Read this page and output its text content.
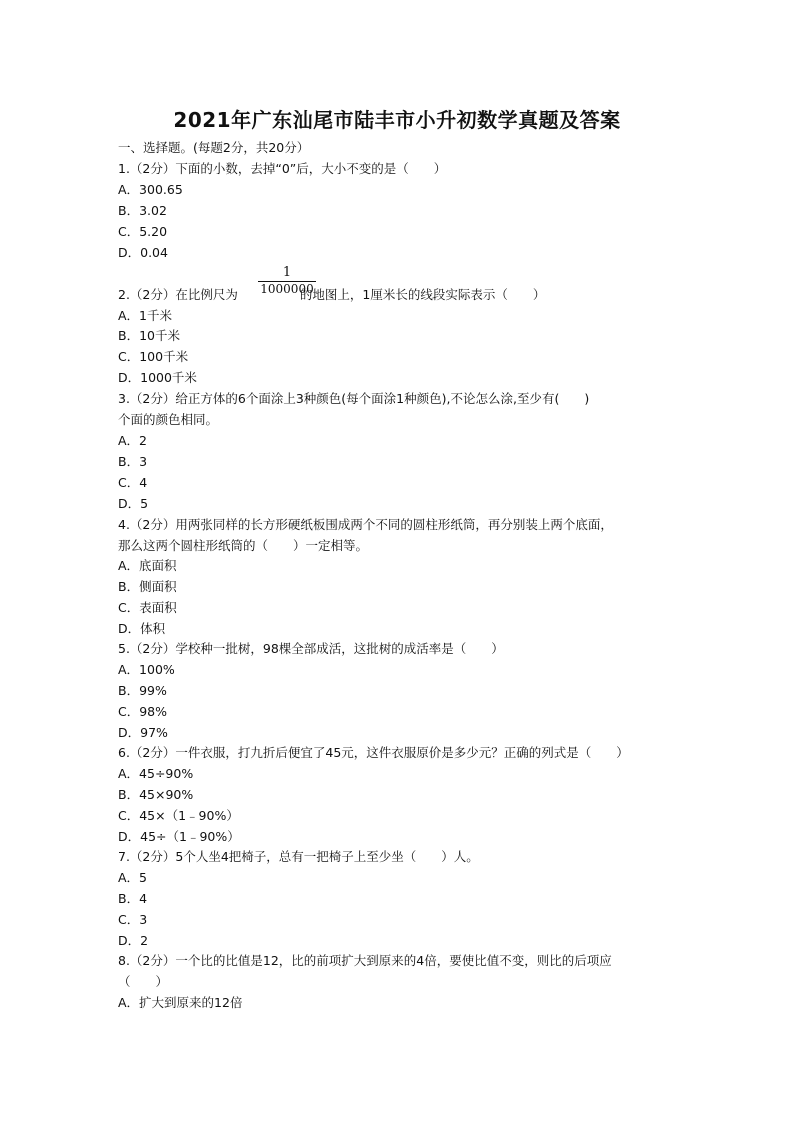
2021年广东汕尾市陆丰市小升初数学真题及答案
一、选择题。(每题2分，共20分）
1.（2分）下面的小数，去掉“0”后，大小不变的是（　　）
A．300.65
B．3.02
C．5.20
D．0.04
1
1000000
2.（2分）在比例尺为	的地图上，1厘米长的线段实际表示（　　）
A．1千米
B．10千米
C．100千米
D．1000千米
3.（2分）给正方体的6个面涂上3种颜色(每个面涂1种颜色),不论怎么涂,至少有(　　)
个面的颜色相同。
A．2
B．3
C．4
D．5
4.（2分）用两张同样的长方形硬纸板围成两个不同的圆柱形纸筒，再分别装上两个底面，
那么这两个圆柱形纸筒的（　　）一定相等。
A．底面积
B．侧面积
C．表面积
D．体积
5.（2分）学校种一批树，98棵全部成活，这批树的成活率是（　　）
A．100%
B．99%
C．98%
D．97%
6.（2分）一件衣服，打九折后便宜了45元，这件衣服原价是多少元？正确的列式是（　　）
A．45÷90%
B．45×90%
C．45×（1﹣90%）
D．45÷（1﹣90%）
7.（2分）5个人坐4把椅子，总有一把椅子上至少坐（　　）人。
A．5
B．4
C．3
D．2
8.（2分）一个比的比值是12，比的前项扩大到原来的4倍，要使比值不变，则比的后项应
（　　）
A．扩大到原来的12倍
